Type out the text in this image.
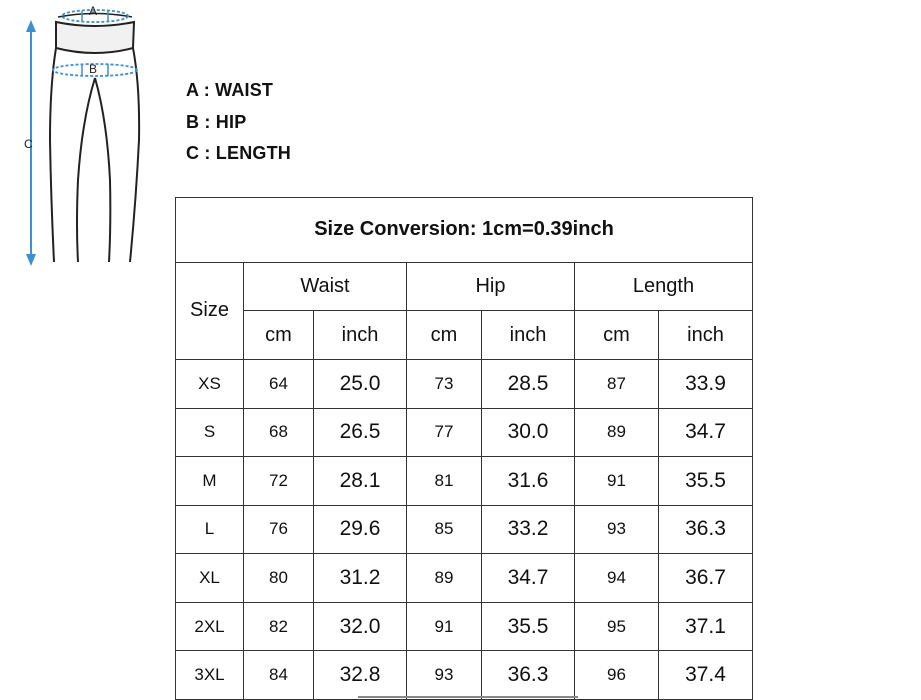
C
A
B
A : WAIST
B : HIP
C : LENGTH
Size Conversion: 1cm=0.39inch						
Size	Waist		Hip		Length	
	cm	inch	cm	inch	cm	inch
XS	64	25.0	73	28.5	87	33.9
S	68	26.5	77	30.0	89	34.7
M	72	28.1	81	31.6	91	35.5
L	76	29.6	85	33.2	93	36.3
XL	80	31.2	89	34.7	94	36.7
2XL	82	32.0	91	35.5	95	37.1
3XL	84	32.8	93	36.3	96	37.4
